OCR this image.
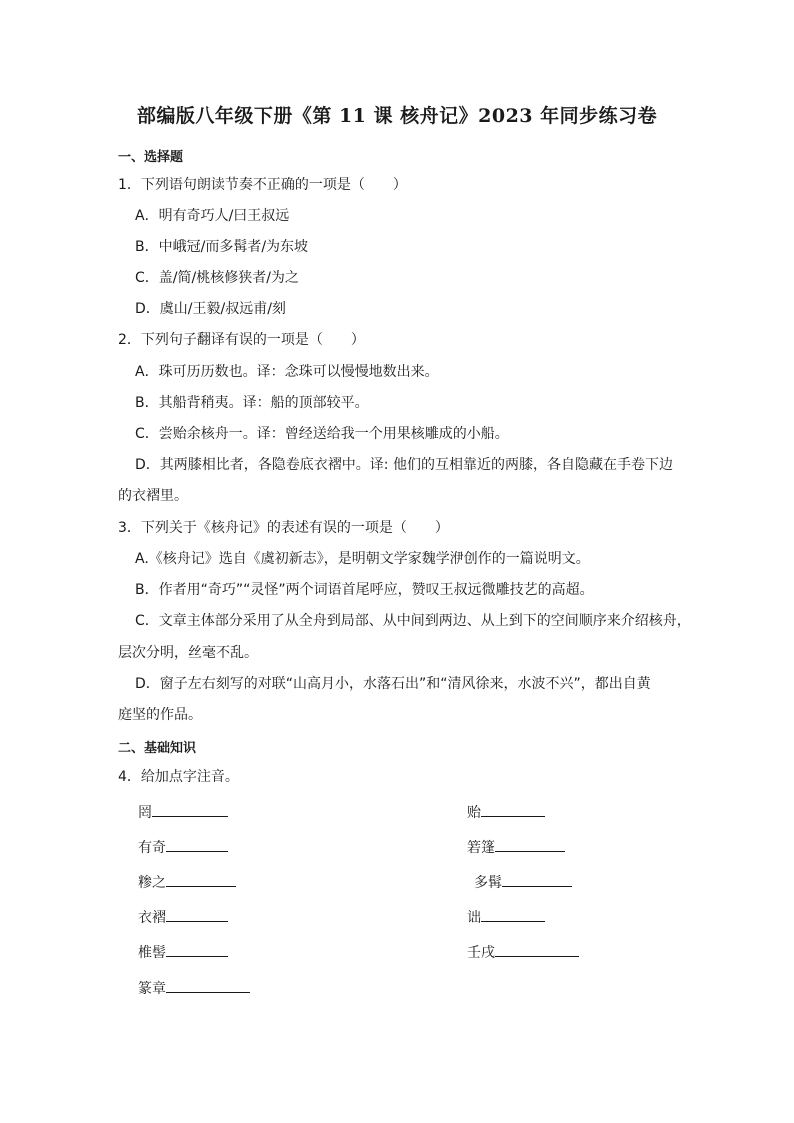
部编版八年级下册《第 11 课 核舟记》2023 年同步练习卷
一、选择题
1．下列语句朗读节奏不正确的一项是（　　）
A．明有奇巧人/曰王叔远
B．中峨冠/而多髯者/为东坡
C．盖/简/桃核修狭者/为之
D．虞山/王毅/叔远甫/刻
2．下列句子翻译有误的一项是（　　）
A．珠可历历数也。译：念珠可以慢慢地数出来。
B．其船背稍夷。译：船的顶部较平。
C．尝贻余核舟一。译：曾经送给我一个用果核雕成的小船。
D．其两膝相比者，各隐卷底衣褶中。译: 他们的互相靠近的两膝，各自隐藏在手卷下边
的衣褶里。
3．下列关于《核舟记》的表述有误的一项是（　　）
A.《核舟记》选自《虞初新志》，是明朝文学家魏学洢创作的一篇说明文。
B．作者用“奇巧”“灵怪”两个词语首尾呼应，赞叹王叔远微雕技艺的高超。
C．文章主体部分采用了从全舟到局部、从中间到两边、从上到下的空间顺序来介绍核舟，
层次分明，丝毫不乱。
D．窗子左右刻写的对联“山高月小，水落石出”和“清风徐来，水波不兴”，都出自黄
庭坚的作品。
二、基础知识
4．给加点字注音。
罔	贻
有奇	箬篷
糁之	多髯
衣褶	诎
椎髻	壬戌
篆章
